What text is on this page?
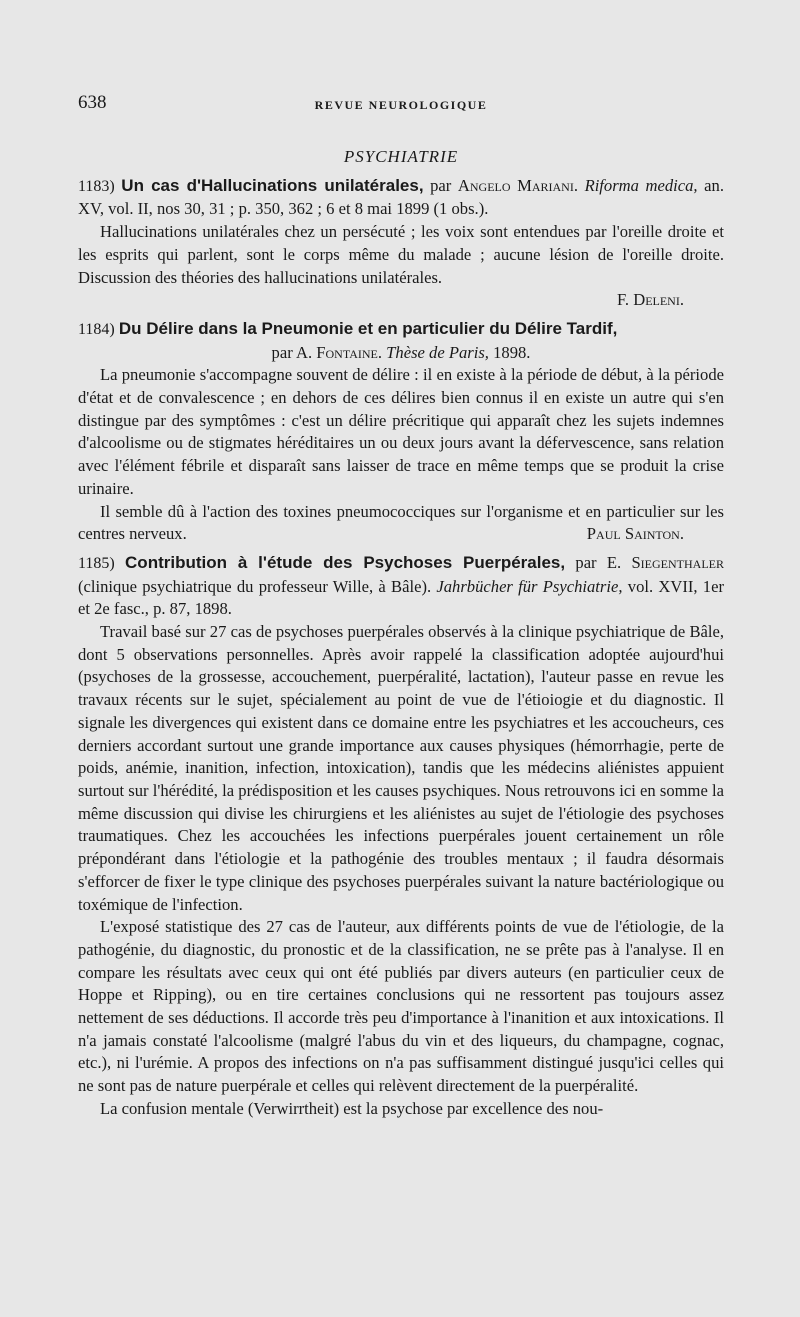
638	REVUE NEUROLOGIQUE
PSYCHIATRIE

1183) Un cas d'Hallucinations unilatérales, par Angelo Mariani. Riforma medica, an. XV, vol. II, nos 30, 31 ; p. 350, 362 ; 6 et 8 mai 1899 (1 obs.).

Hallucinations unilatérales chez un persécuté ; les voix sont entendues par l'oreille droite et les esprits qui parlent, sont le corps même du malade ; aucune lésion de l'oreille droite. Discussion des théories des hallucinations unilatérales.

F. Deleni.

1184) Du Délire dans la Pneumonie et en particulier du Délire Tardif,

par A. Fontaine. Thèse de Paris, 1898.

La pneumonie s'accompagne souvent de délire : il en existe à la période de début, à la période d'état et de convalescence ; en dehors de ces délires bien connus il en existe un autre qui s'en distingue par des symptômes : c'est un délire précritique qui apparaît chez les sujets indemnes d'alcoolisme ou de stigmates héréditaires un ou deux jours avant la défervescence, sans relation avec l'élément fébrile et disparaît sans laisser de trace en même temps que se produit la crise urinaire.

Il semble dû à l'action des toxines pneumococciques sur l'organisme et en particulier sur les centres nerveux.	Paul Sainton.

1185) Contribution à l'étude des Psychoses Puerpérales, par E. Siegenthaler (clinique psychiatrique du professeur Wille, à Bâle). Jahrbücher für Psychiatrie, vol. XVII, 1er et 2e fasc., p. 87, 1898.

Travail basé sur 27 cas de psychoses puerpérales observés à la clinique psychiatrique de Bâle, dont 5 observations personnelles. Après avoir rappelé la classification adoptée aujourd'hui (psychoses de la grossesse, accouchement, puerpéralité, lactation), l'auteur passe en revue les travaux récents sur le sujet, spécialement au point de vue de l'étioiogie et du diagnostic. Il signale les divergences qui existent dans ce domaine entre les psychiatres et les accoucheurs, ces derniers accordant surtout une grande importance aux causes physiques (hémorrhagie, perte de poids, anémie, inanition, infection, intoxication), tandis que les médecins aliénistes appuient surtout sur l'hérédité, la prédisposition et les causes psychiques. Nous retrouvons ici en somme la même discussion qui divise les chirurgiens et les aliénistes au sujet de l'étiologie des psychoses traumatiques. Chez les accouchées les infections puerpérales jouent certainement un rôle prépondérant dans l'étiologie et la pathogénie des troubles mentaux ; il faudra désormais s'efforcer de fixer le type clinique des psychoses puerpérales suivant la nature bactériologique ou toxémique de l'infection.

L'exposé statistique des 27 cas de l'auteur, aux différents points de vue de l'étiologie, de la pathogénie, du diagnostic, du pronostic et de la classification, ne se prête pas à l'analyse. Il en compare les résultats avec ceux qui ont été publiés par divers auteurs (en particulier ceux de Hoppe et Ripping), ou en tire certaines conclusions qui ne ressortent pas toujours assez nettement de ses déductions. Il accorde très peu d'importance à l'inanition et aux intoxications. Il n'a jamais constaté l'alcoolisme (malgré l'abus du vin et des liqueurs, du champagne, cognac, etc.), ni l'urémie. A propos des infections on n'a pas suffisamment distingué jusqu'ici celles qui ne sont pas de nature puerpérale et celles qui relèvent directement de la puerpéralité.

La confusion mentale (Verwirrtheit) est la psychose par excellence des nou-
